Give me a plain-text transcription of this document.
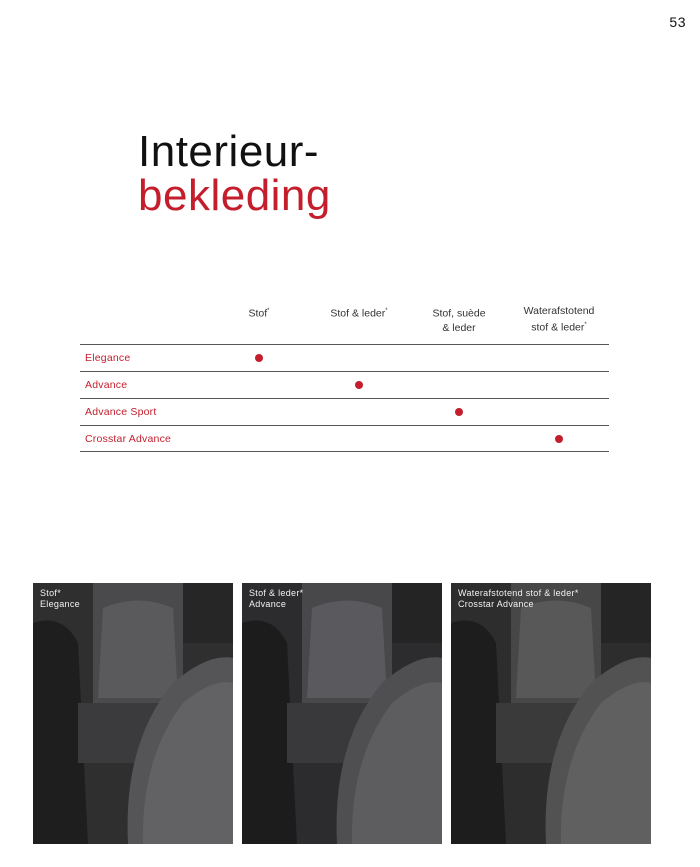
53
Interieur-
bekleding
Stof*	Stof & leder*	Stof, suède
& leder
Waterafstotend
stof & leder*
Elegance
Advance
Advance Sport
Crosstar Advance
Stof*
Elegance
Stof & leder*
Advance
Waterafstotend stof & leder*
Crosstar Advance
